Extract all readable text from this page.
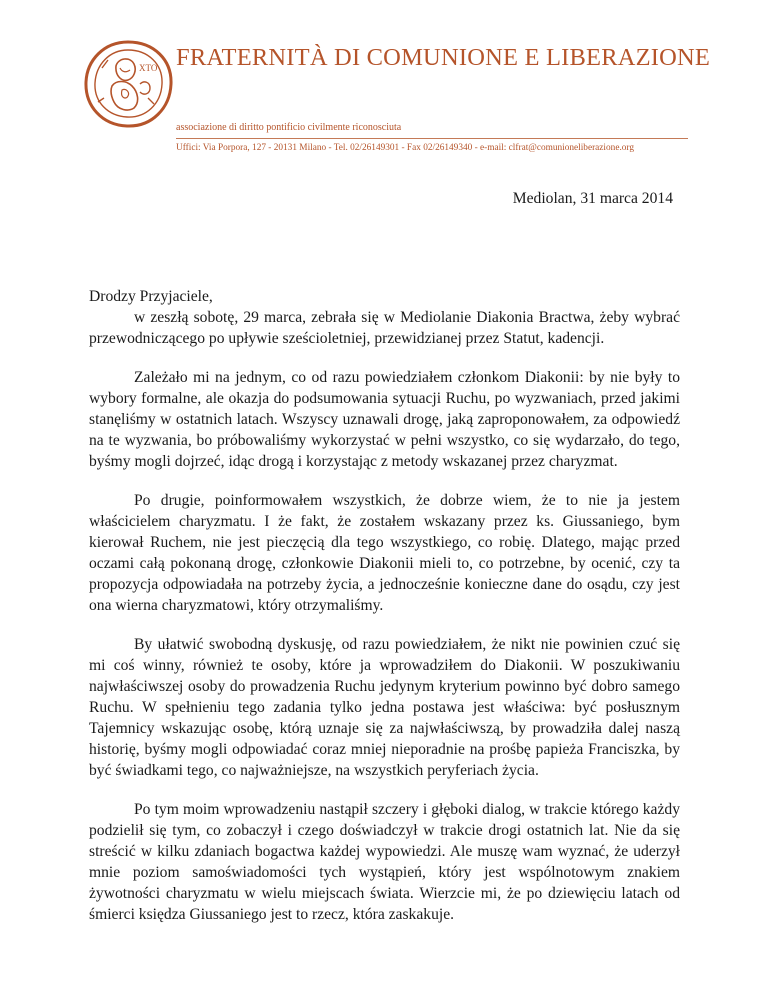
XTO FRATERNITÀ DI COMUNIONE E LIBERAZIONE
associazione di diritto pontificio civilmente riconosciuta
Uffici: Via Porpora, 127 - 20131 Milano - Tel. 02/26149301 - Fax 02/26149340 - e-mail: clfrat@comunioneliberazione.org
Mediolan, 31 marca 2014
Drodzy Przyjaciele,

w zeszłą sobotę, 29 marca, zebrała się w Mediolanie Diakonia Bractwa, żeby wybrać przewodniczącego po upływie sześcioletniej, przewidzianej przez Statut, kadencji.

Zależało mi na jednym, co od razu powiedziałem członkom Diakonii: by nie były to wybory formalne, ale okazja do podsumowania sytuacji Ruchu, po wyzwaniach, przed jakimi stanęliśmy w ostatnich latach. Wszyscy uznawali drogę, jaką zaproponowałem, za odpowiedź na te wyzwania, bo próbowaliśmy wykorzystać w pełni wszystko, co się wydarzało, do tego, byśmy mogli dojrzeć, idąc drogą i korzystając z metody wskazanej przez charyzmat.

Po drugie, poinformowałem wszystkich, że dobrze wiem, że to nie ja jestem właścicielem charyzmatu. I że fakt, że zostałem wskazany przez ks. Giussaniego, bym kierował Ruchem, nie jest pieczęcią dla tego wszystkiego, co robię. Dlatego, mając przed oczami całą pokonaną drogę, członkowie Diakonii mieli to, co potrzebne, by ocenić, czy ta propozycja odpowiadała na potrzeby życia, a jednocześnie konieczne dane do osądu, czy jest ona wierna charyzmatowi, który otrzymaliśmy.

By ułatwić swobodną dyskusję, od razu powiedziałem, że nikt nie powinien czuć się mi coś winny, również te osoby, które ja wprowadziłem do Diakonii. W poszukiwaniu najwłaściwszej osoby do prowadzenia Ruchu jedynym kryterium powinno być dobro samego Ruchu. W spełnieniu tego zadania tylko jedna postawa jest właściwa: być posłusznym Tajemnicy wskazując osobę, którą uznaje się za najwłaściwszą, by prowadziła dalej naszą historię, byśmy mogli odpowiadać coraz mniej nieporadnie na prośbę papieża Franciszka, by być świadkami tego, co najważniejsze, na wszystkich peryferiach życia.

Po tym moim wprowadzeniu nastąpił szczery i głęboki dialog, w trakcie którego każdy podzielił się tym, co zobaczył i czego doświadczył w trakcie drogi ostatnich lat. Nie da się streścić w kilku zdaniach bogactwa każdej wypowiedzi. Ale muszę wam wyznać, że uderzył mnie poziom samoświadomości tych wystąpień, który jest wspólnotowym znakiem żywotności charyzmatu w wielu miejscach świata. Wierzcie mi, że po dziewięciu latach od śmierci księdza Giussaniego jest to rzecz, która zaskakuje.
